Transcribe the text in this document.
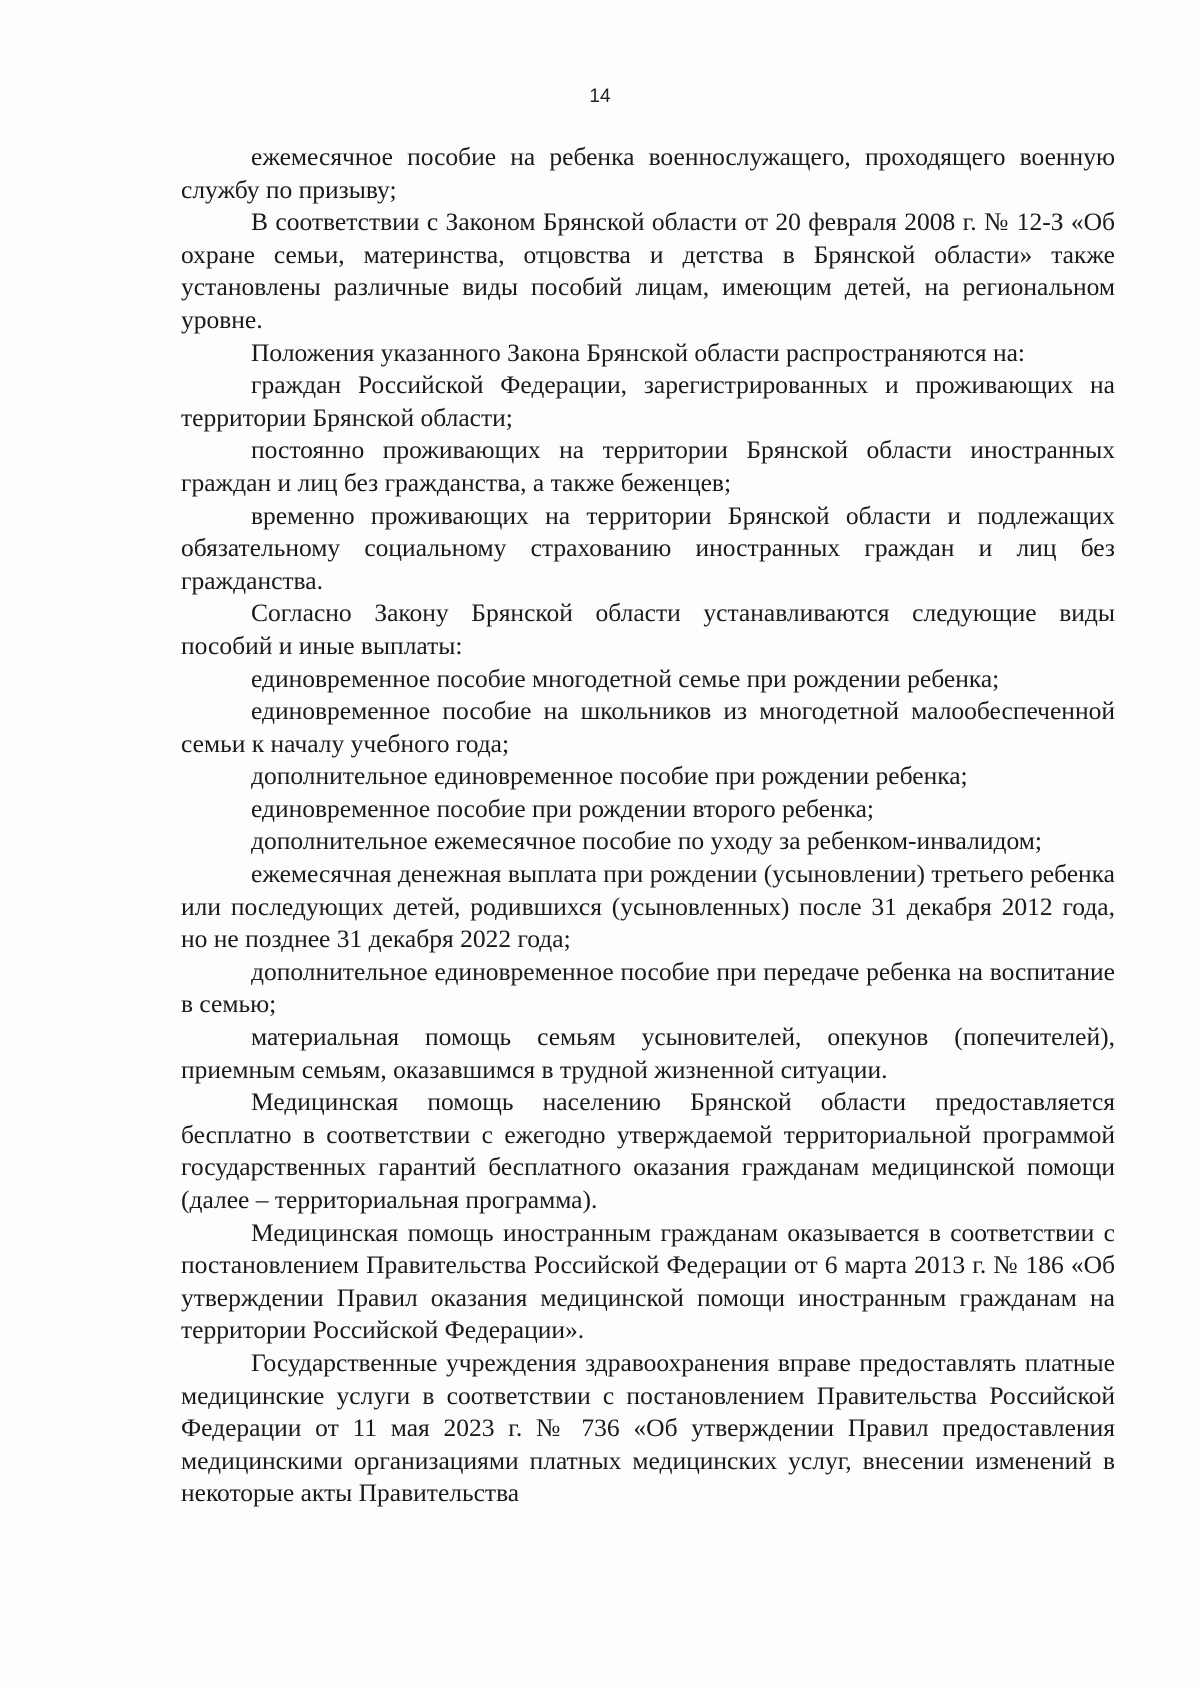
14

ежемесячное пособие на ребенка военнослужащего, проходящего военную службу по призыву;

В соответствии с Законом Брянской области от 20 февраля 2008 г. № 12-З «Об охране семьи, материнства, отцовства и детства в Брянской области» также установлены различные виды пособий лицам, имеющим детей, на региональном уровне.

Положения указанного Закона Брянской области распространяются на:

граждан Российской Федерации, зарегистрированных и проживающих на территории Брянской области;

постоянно проживающих на территории Брянской области иностранных граждан и лиц без гражданства, а также беженцев;

временно проживающих на территории Брянской области и подлежащих обязательному социальному страхованию иностранных граждан и лиц без гражданства.

Согласно Закону Брянской области устанавливаются следующие виды пособий и иные выплаты:

единовременное пособие многодетной семье при рождении ребенка;

единовременное пособие на школьников из многодетной малообеспеченной семьи к началу учебного года;

дополнительное единовременное пособие при рождении ребенка;

единовременное пособие при рождении второго ребенка;

дополнительное ежемесячное пособие по уходу за ребенком-инвалидом;

ежемесячная денежная выплата при рождении (усыновлении) третьего ребенка или последующих детей, родившихся (усыновленных) после 31 декабря 2012 года, но не позднее 31 декабря 2022 года;

дополнительное единовременное пособие при передаче ребенка на воспитание в семью;

материальная помощь семьям усыновителей, опекунов (попечителей), приемным семьям, оказавшимся в трудной жизненной ситуации.

Медицинская помощь населению Брянской области предоставляется бесплатно в соответствии с ежегодно утверждаемой территориальной программой государственных гарантий бесплатного оказания гражданам медицинской помощи (далее – территориальная программа).

Медицинская помощь иностранным гражданам оказывается в соответствии с постановлением Правительства Российской Федерации от 6 марта 2013 г. № 186 «Об утверждении Правил оказания медицинской помощи иностранным гражданам на территории Российской Федерации».

Государственные учреждения здравоохранения вправе предоставлять платные медицинские услуги в соответствии с постановлением Правительства Российской Федерации от 11 мая 2023 г. № 736 «Об утверждении Правил предоставления медицинскими организациями платных медицинских услуг, внесении изменений в некоторые акты Правительства
